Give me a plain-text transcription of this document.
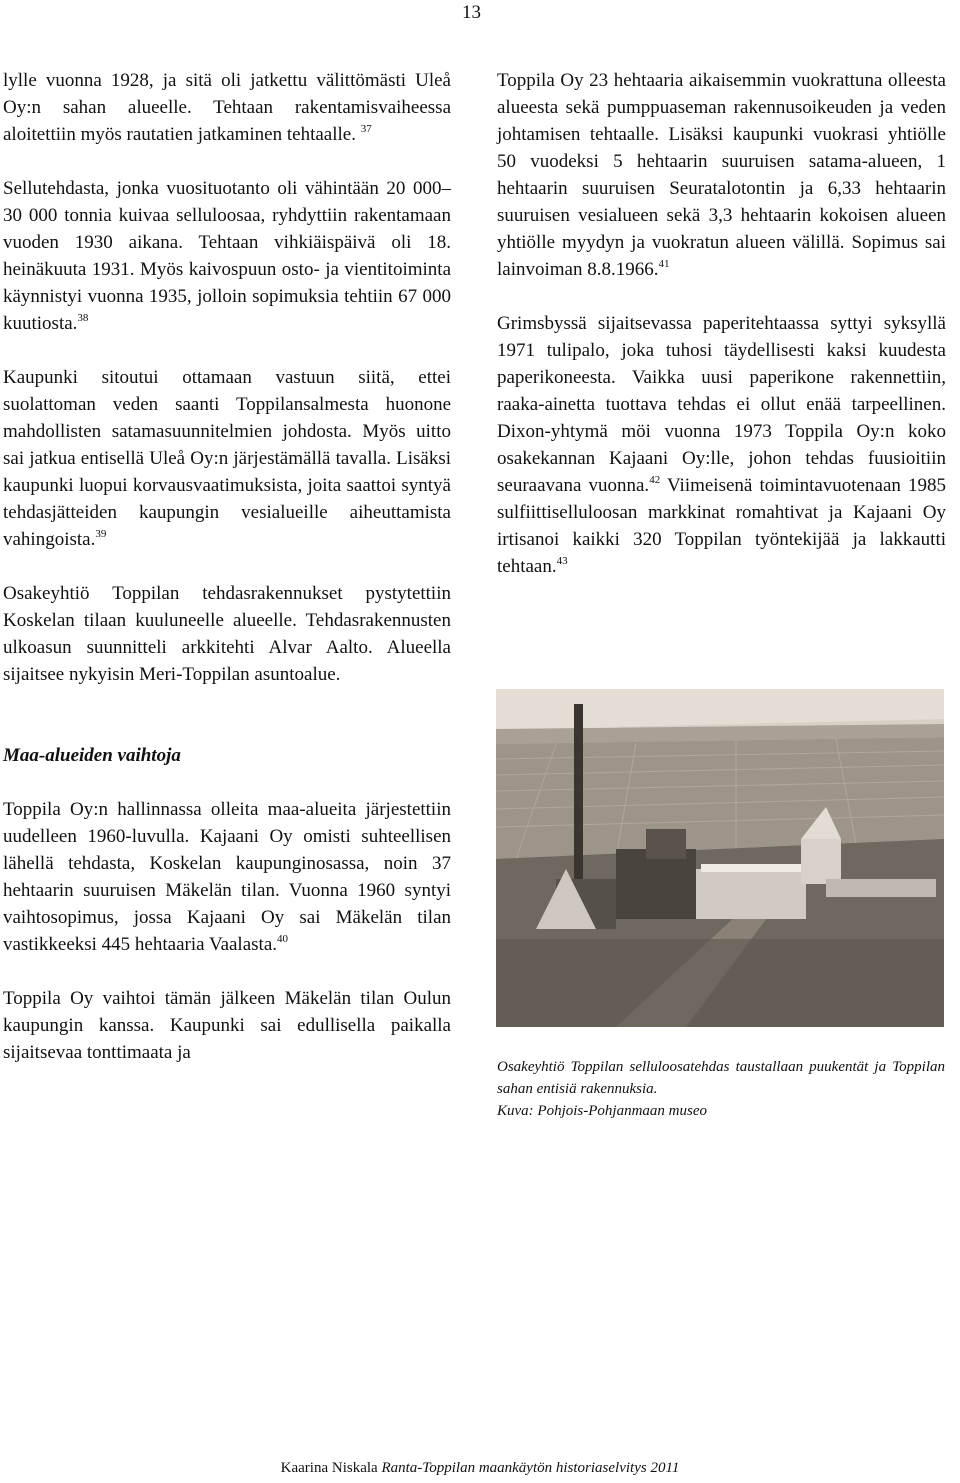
13

lylle vuonna 1928, ja sitä oli jatkettu välittömästi Uleå Oy:n sahan alueelle. Tehtaan rakentamisvaiheessa aloitettiin myös rautatien jatkaminen tehtaalle. $^{37}$

Sellutehdasta, jonka vuosituotanto oli vähintään 20 000–30 000 tonnia kuivaa selluloosaa, ryhdyttiin rakentamaan vuoden 1930 aikana. Tehtaan vihkiäispäivä oli 18. heinäkuuta 1931. Myös kaivospuun osto- ja vientitoiminta käynnistyi vuonna 1935, jolloin sopimuksia tehtiin 67 000 kuutiosta.$^{38}$

Kaupunki sitoutui ottamaan vastuun siitä, ettei suolattoman veden saanti Toppilansalmesta huonone mahdollisten satamasuunnitelmien johdosta. Myös uitto sai jatkua entisellä Uleå Oy:n järjestämällä tavalla. Lisäksi kaupunki luopui korvausvaatimuksista, joita saattoi syntyä tehdasjätteiden kaupungin vesialueille aiheuttamista vahingoista.$^{39}$

Osakeyhtiö Toppilan tehdasrakennukset pystytettiin Koskelan tilaan kuuluneelle alueelle. Tehdasrakennusten ulkoasun suunnitteli arkkitehti Alvar Aalto. Alueella sijaitsee nykyisin Meri-Toppilan asuntoalue.

Maa-alueiden vaihtoja

Toppila Oy:n hallinnassa olleita maa-alueita järjestettiin uudelleen 1960-luvulla. Kajaani Oy omisti suhteellisen lähellä tehdasta, Koskelan kaupunginosassa, noin 37 hehtaarin suuruisen Mäkelän tilan. Vuonna 1960 syntyi vaihtosopimus, jossa Kajaani Oy sai Mäkelän tilan vastikkeeksi 445 hehtaaria Vaalasta.$^{40}$

Toppila Oy vaihtoi tämän jälkeen Mäkelän tilan Oulun kaupungin kanssa. Kaupunki sai edullisella paikalla sijaitsevaa tonttimaata ja

Toppila Oy 23 hehtaaria aikaisemmin vuokrattuna olleesta alueesta sekä pumppuaseman rakennusoikeuden ja veden johtamisen tehtaalle. Lisäksi kaupunki vuokrasi yhtiölle 50 vuodeksi 5 hehtaarin suuruisen satama-alueen, 1 hehtaarin suuruisen Seuratalotontin ja 6,33 hehtaarin suuruisen vesialueen sekä 3,3 hehtaarin kokoisen alueen yhtiölle myydyn ja vuokratun alueen välillä. Sopimus sai lainvoiman 8.8.1966.41

Grimsbyssä sijaitsevassa paperitehtaassa syttyi syksyllä 1971 tulipalo, joka tuhosi täydellisesti kaksi kuudesta paperikoneesta. Vaikka uusi paperikone rakennettiin, raaka-ainetta tuottava tehdas ei ollut enää tarpeellinen. Dixon-yhtymä möi vuonna 1973 Toppila Oy:n koko osakekannan Kajaani Oy:lle, johon tehdas fuusioitiin seuraavana vuonna.$^{42}$ Viimeisenä toimintavuotenaan 1985 sulfiittiselluloosan markkinat romahtivat ja Kajaani Oy irtisanoi kaikki 320 Toppilan työntekijää ja lakkautti tehtaan.$^{43}$

Osakeyhtiö Toppilan selluloosatehdas taustallaan puukentät ja Toppilan sahan entisiä rakennuksia.

Kuva: Pohjois-Pohjanmaan museo

Kaarina Niskala Ranta-Toppilan maankäytön historiaselvitys 2011
